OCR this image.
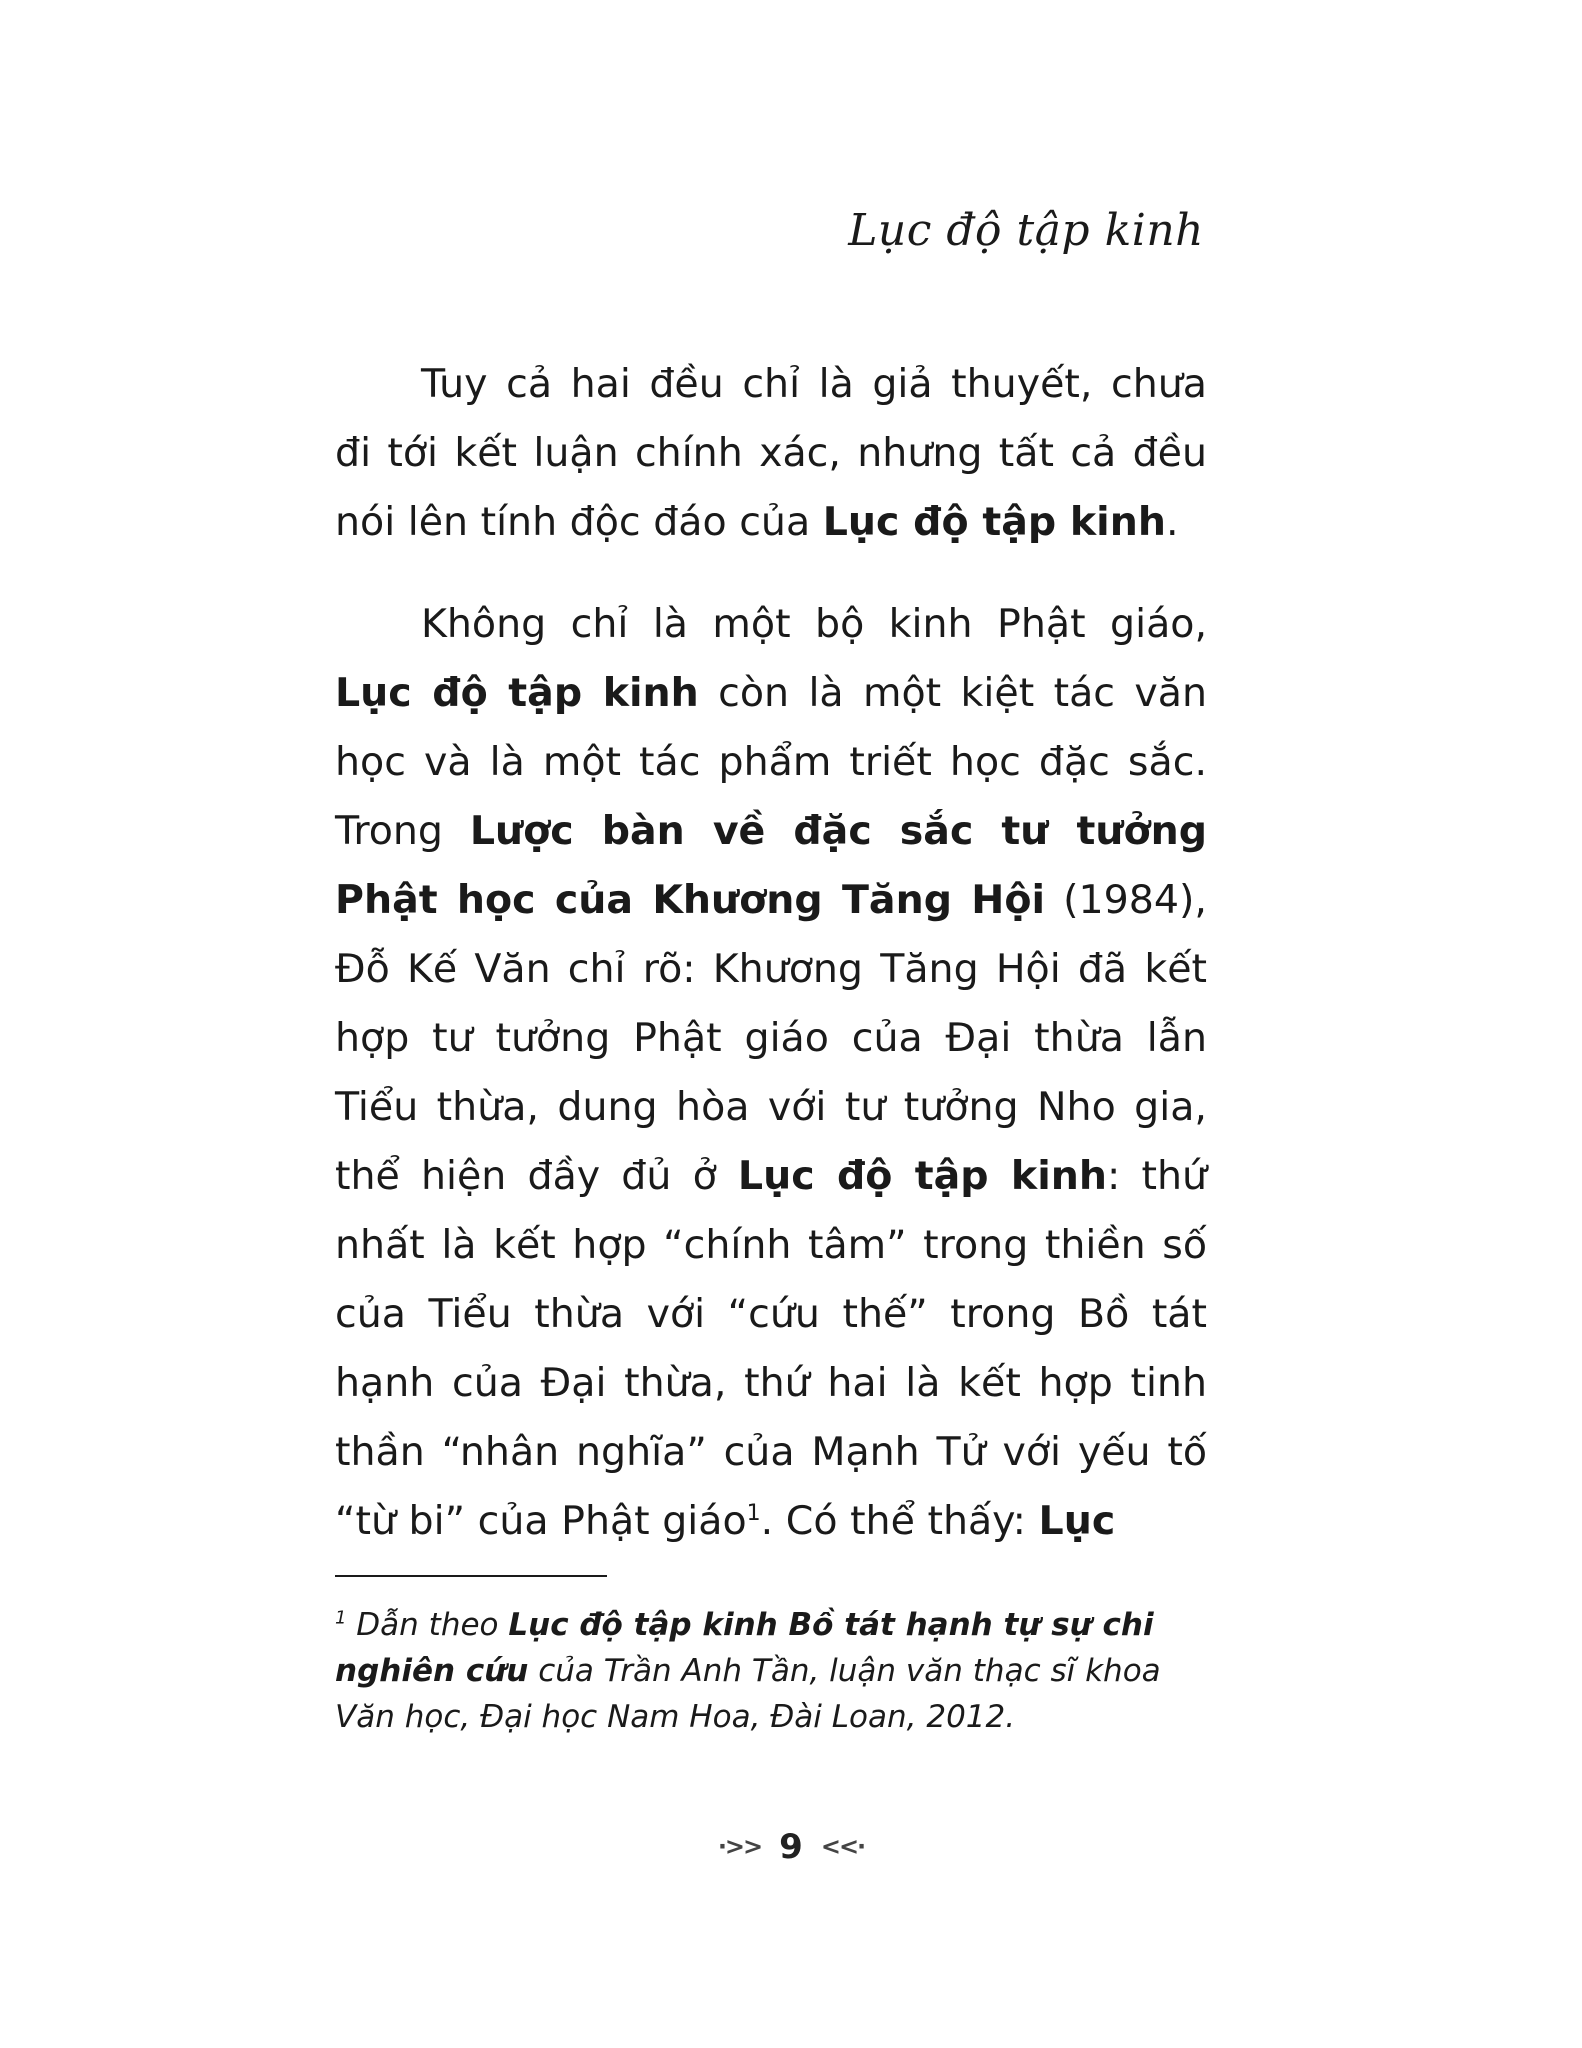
Lục độ tập kinh

Tuy cả hai đều chỉ là giả thuyết, chưa đi tới kết luận chính xác, nhưng tất cả đều nói lên tính độc đáo của Lục độ tập kinh.

Không chỉ là một bộ kinh Phật giáo, Lục độ tập kinh còn là một kiệt tác văn học và là một tác phẩm triết học đặc sắc. Trong Lược bàn về đặc sắc tư tưởng Phật học của Khương Tăng Hội (1984), Đỗ Kế Văn chỉ rõ: Khương Tăng Hội đã kết hợp tư tưởng Phật giáo của Đại thừa lẫn Tiểu thừa, dung hòa với tư tưởng Nho gia, thể hiện đầy đủ ở Lục độ tập kinh: thứ nhất là kết hợp “chính tâm” trong thiền số của Tiểu thừa với “cứu thế” trong Bồ tát hạnh của Đại thừa, thứ hai là kết hợp tinh thần “nhân nghĩa” của Mạnh Tử với yếu tố “từ bi” của Phật giáo$^1$. Có thể thấy: Lục

$^1$ Dẫn theo Lục độ tập kinh Bồ tát hạnh tự sự chi nghiên cứu của Trần Anh Tần, luận văn thạc sĩ khoa Văn học, Đại học Nam Hoa, Đài Loan, 2012.
·>> 9 <<·
